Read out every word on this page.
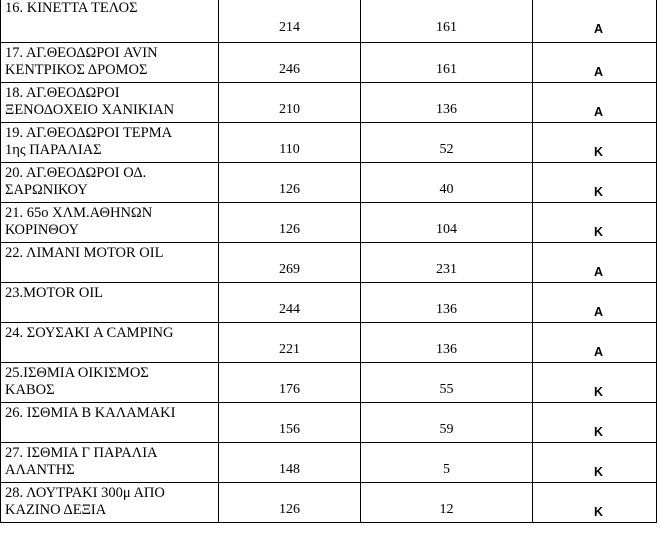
16. ΚΙΝΕΤΤΑ ΤΕΛΟΣ	214	161	A

17. ΑΓ.ΘΕΟΔΩΡΟΙ AVIN
ΚΕΝΤΡΙΚΟΣ ΔΡΟΜΟΣ	246	161	A

18. ΑΓ.ΘΕΟΔΩΡΟΙ
ΞΕΝΟΔΟΧΕΙΟ ΧΑΝΙΚΙΑΝ	210	136	A

19. ΑΓ.ΘΕΟΔΩΡΟΙ ΤΕΡΜΑ
1ης ΠΑΡΑΛΙΑΣ	110	52	K

20. ΑΓ.ΘΕΟΔΩΡΟΙ ΟΔ.
ΣΑΡΩΝΙΚΟΥ	126	40	K

21. 65ο ΧΛΜ.ΑΘΗΝΩΝ
ΚΟΡΙΝΘΟΥ	126	104	K

22. ΛΙΜΑΝΙ MOTOR OIL	269	231	A

23.MOTOR OIL	244	136	A

24. ΣΟΥΣΑΚΙ A CAMPING	221	136	A

25.ΙΣΘΜΙΑ ΟΙΚΙΣΜΟΣ
ΚΑΒΟΣ	176	55	K

26. ΙΣΘΜΙΑ Β ΚΑΛΑΜΑΚΙ	156	59	K

27. ΙΣΘΜΙΑ Γ ΠΑΡΑΛΙΑ
ΑΛΑΝΤΗΣ	148	5	K

28. ΛΟΥΤΡΑΚΙ 300μ ΑΠΟ
ΚΑΖΙΝΟ ΔΕΞΙΑ	126	12	K
